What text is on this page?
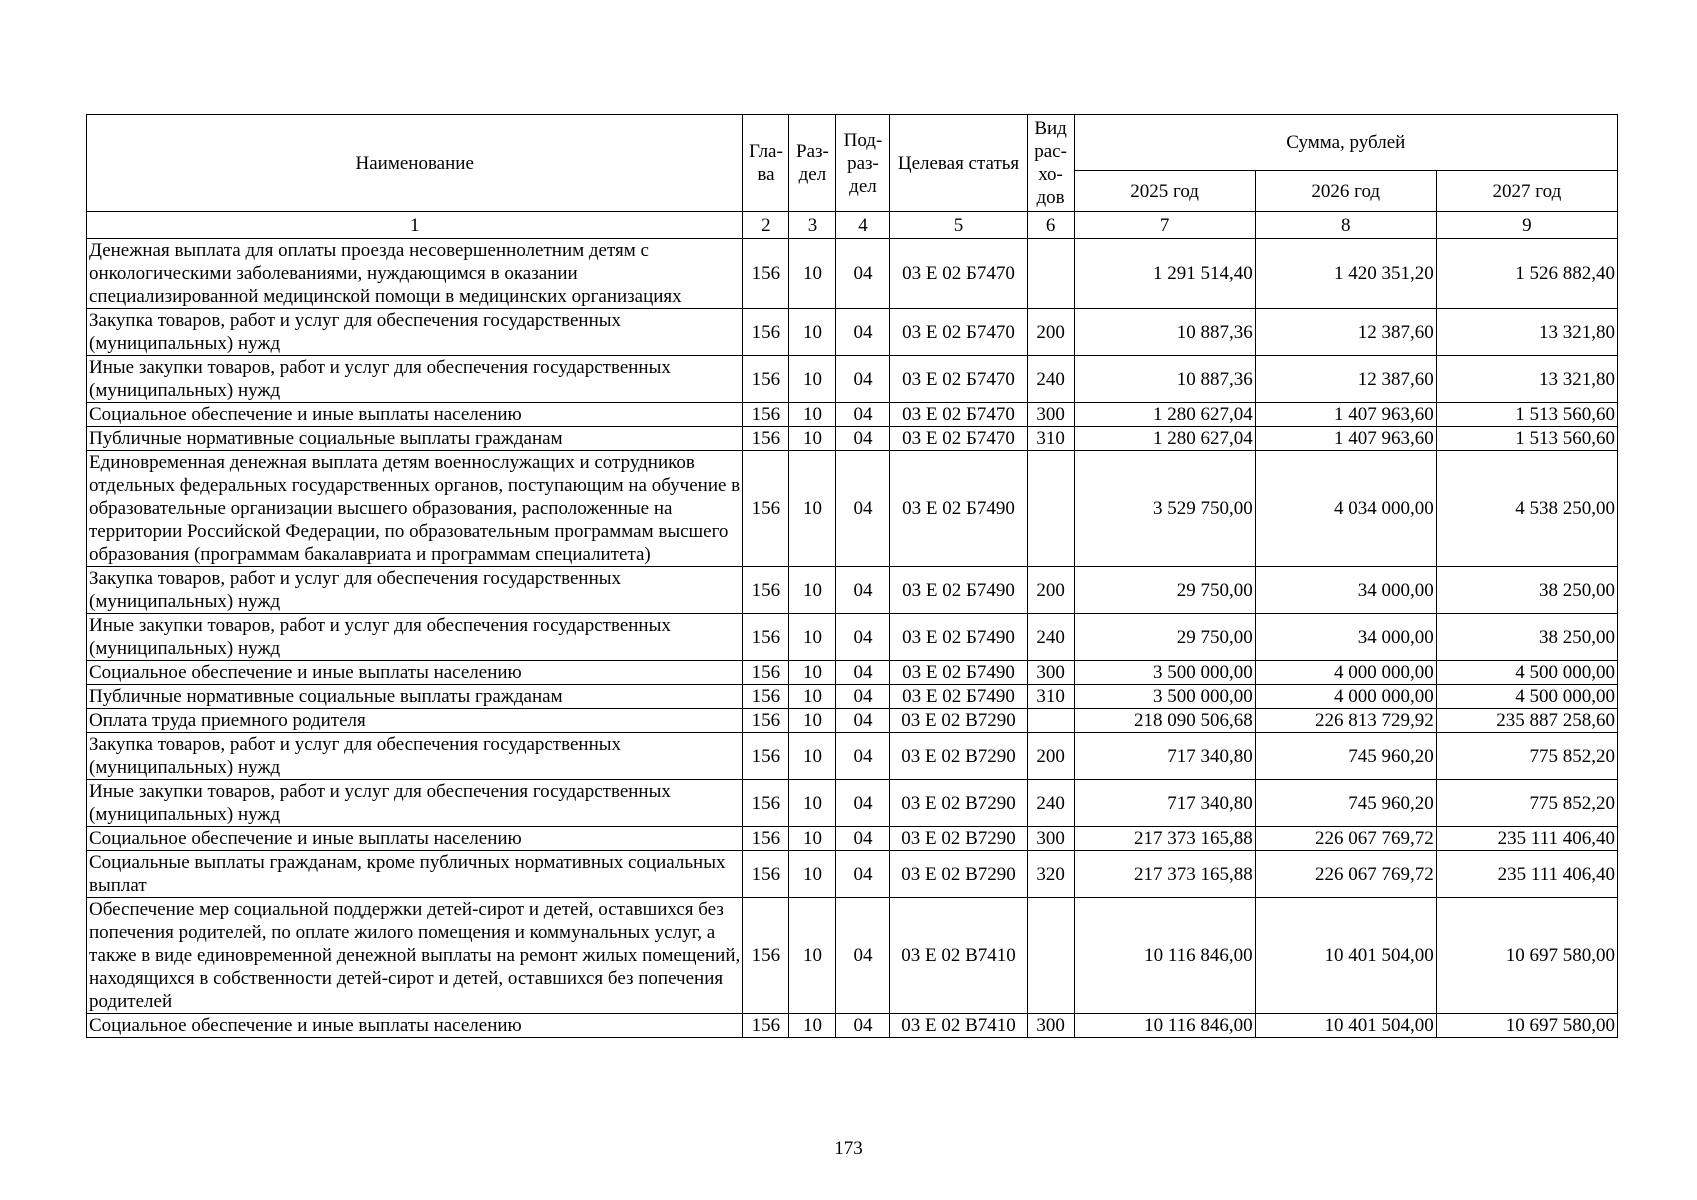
Наименование	Гла-ва	Раз-дел	Под-раз-дел	Целевая статья	Вид рас-хо-дов	Сумма, рублей		
						2025 год	2026 год	2027 год
1	2	3	4	5	6	7	8	9
Денежная выплата для оплаты проезда несовершеннолетним детям с онкологическими заболеваниями, нуждающимся в оказании специализированной медицинской помощи в медицинских организациях	156	10	04	03 Е 02 Б7470		1 291 514,40	1 420 351,20	1 526 882,40
Закупка товаров, работ и услуг для обеспечения государственных (муниципальных) нужд	156	10	04	03 Е 02 Б7470	200	10 887,36	12 387,60	13 321,80
Иные закупки товаров, работ и услуг для обеспечения государственных (муниципальных) нужд	156	10	04	03 Е 02 Б7470	240	10 887,36	12 387,60	13 321,80
Социальное обеспечение и иные выплаты населению	156	10	04	03 Е 02 Б7470	300	1 280 627,04	1 407 963,60	1 513 560,60
Публичные нормативные социальные выплаты гражданам	156	10	04	03 Е 02 Б7470	310	1 280 627,04	1 407 963,60	1 513 560,60
Единовременная денежная выплата детям военнослужащих и сотрудников отдельных федеральных государственных органов, поступающим на обучение в образовательные организации высшего образования, расположенные на территории Российской Федерации, по образовательным программам высшего образования (программам бакалавриата и программам специалитета)	156	10	04	03 Е 02 Б7490		3 529 750,00	4 034 000,00	4 538 250,00
Закупка товаров, работ и услуг для обеспечения государственных (муниципальных) нужд	156	10	04	03 Е 02 Б7490	200	29 750,00	34 000,00	38 250,00
Иные закупки товаров, работ и услуг для обеспечения государственных (муниципальных) нужд	156	10	04	03 Е 02 Б7490	240	29 750,00	34 000,00	38 250,00
Социальное обеспечение и иные выплаты населению	156	10	04	03 Е 02 Б7490	300	3 500 000,00	4 000 000,00	4 500 000,00
Публичные нормативные социальные выплаты гражданам	156	10	04	03 Е 02 Б7490	310	3 500 000,00	4 000 000,00	4 500 000,00
Оплата труда приемного родителя	156	10	04	03 Е 02 В7290		218 090 506,68	226 813 729,92	235 887 258,60
Закупка товаров, работ и услуг для обеспечения государственных (муниципальных) нужд	156	10	04	03 Е 02 В7290	200	717 340,80	745 960,20	775 852,20
Иные закупки товаров, работ и услуг для обеспечения государственных (муниципальных) нужд	156	10	04	03 Е 02 В7290	240	717 340,80	745 960,20	775 852,20
Социальное обеспечение и иные выплаты населению	156	10	04	03 Е 02 В7290	300	217 373 165,88	226 067 769,72	235 111 406,40
Социальные выплаты гражданам, кроме публичных нормативных социальных выплат	156	10	04	03 Е 02 В7290	320	217 373 165,88	226 067 769,72	235 111 406,40
Обеспечение мер социальной поддержки детей-сирот и детей, оставшихся без попечения родителей, по оплате жилого помещения и коммунальных услуг, а также в виде единовременной денежной выплаты на ремонт жилых помещений, находящихся в собственности детей-сирот и детей, оставшихся без попечения родителей	156	10	04	03 Е 02 В7410		10 116 846,00	10 401 504,00	10 697 580,00
Социальное обеспечение и иные выплаты населению	156	10	04	03 Е 02 В7410	300	10 116 846,00	10 401 504,00	10 697 580,00
173
